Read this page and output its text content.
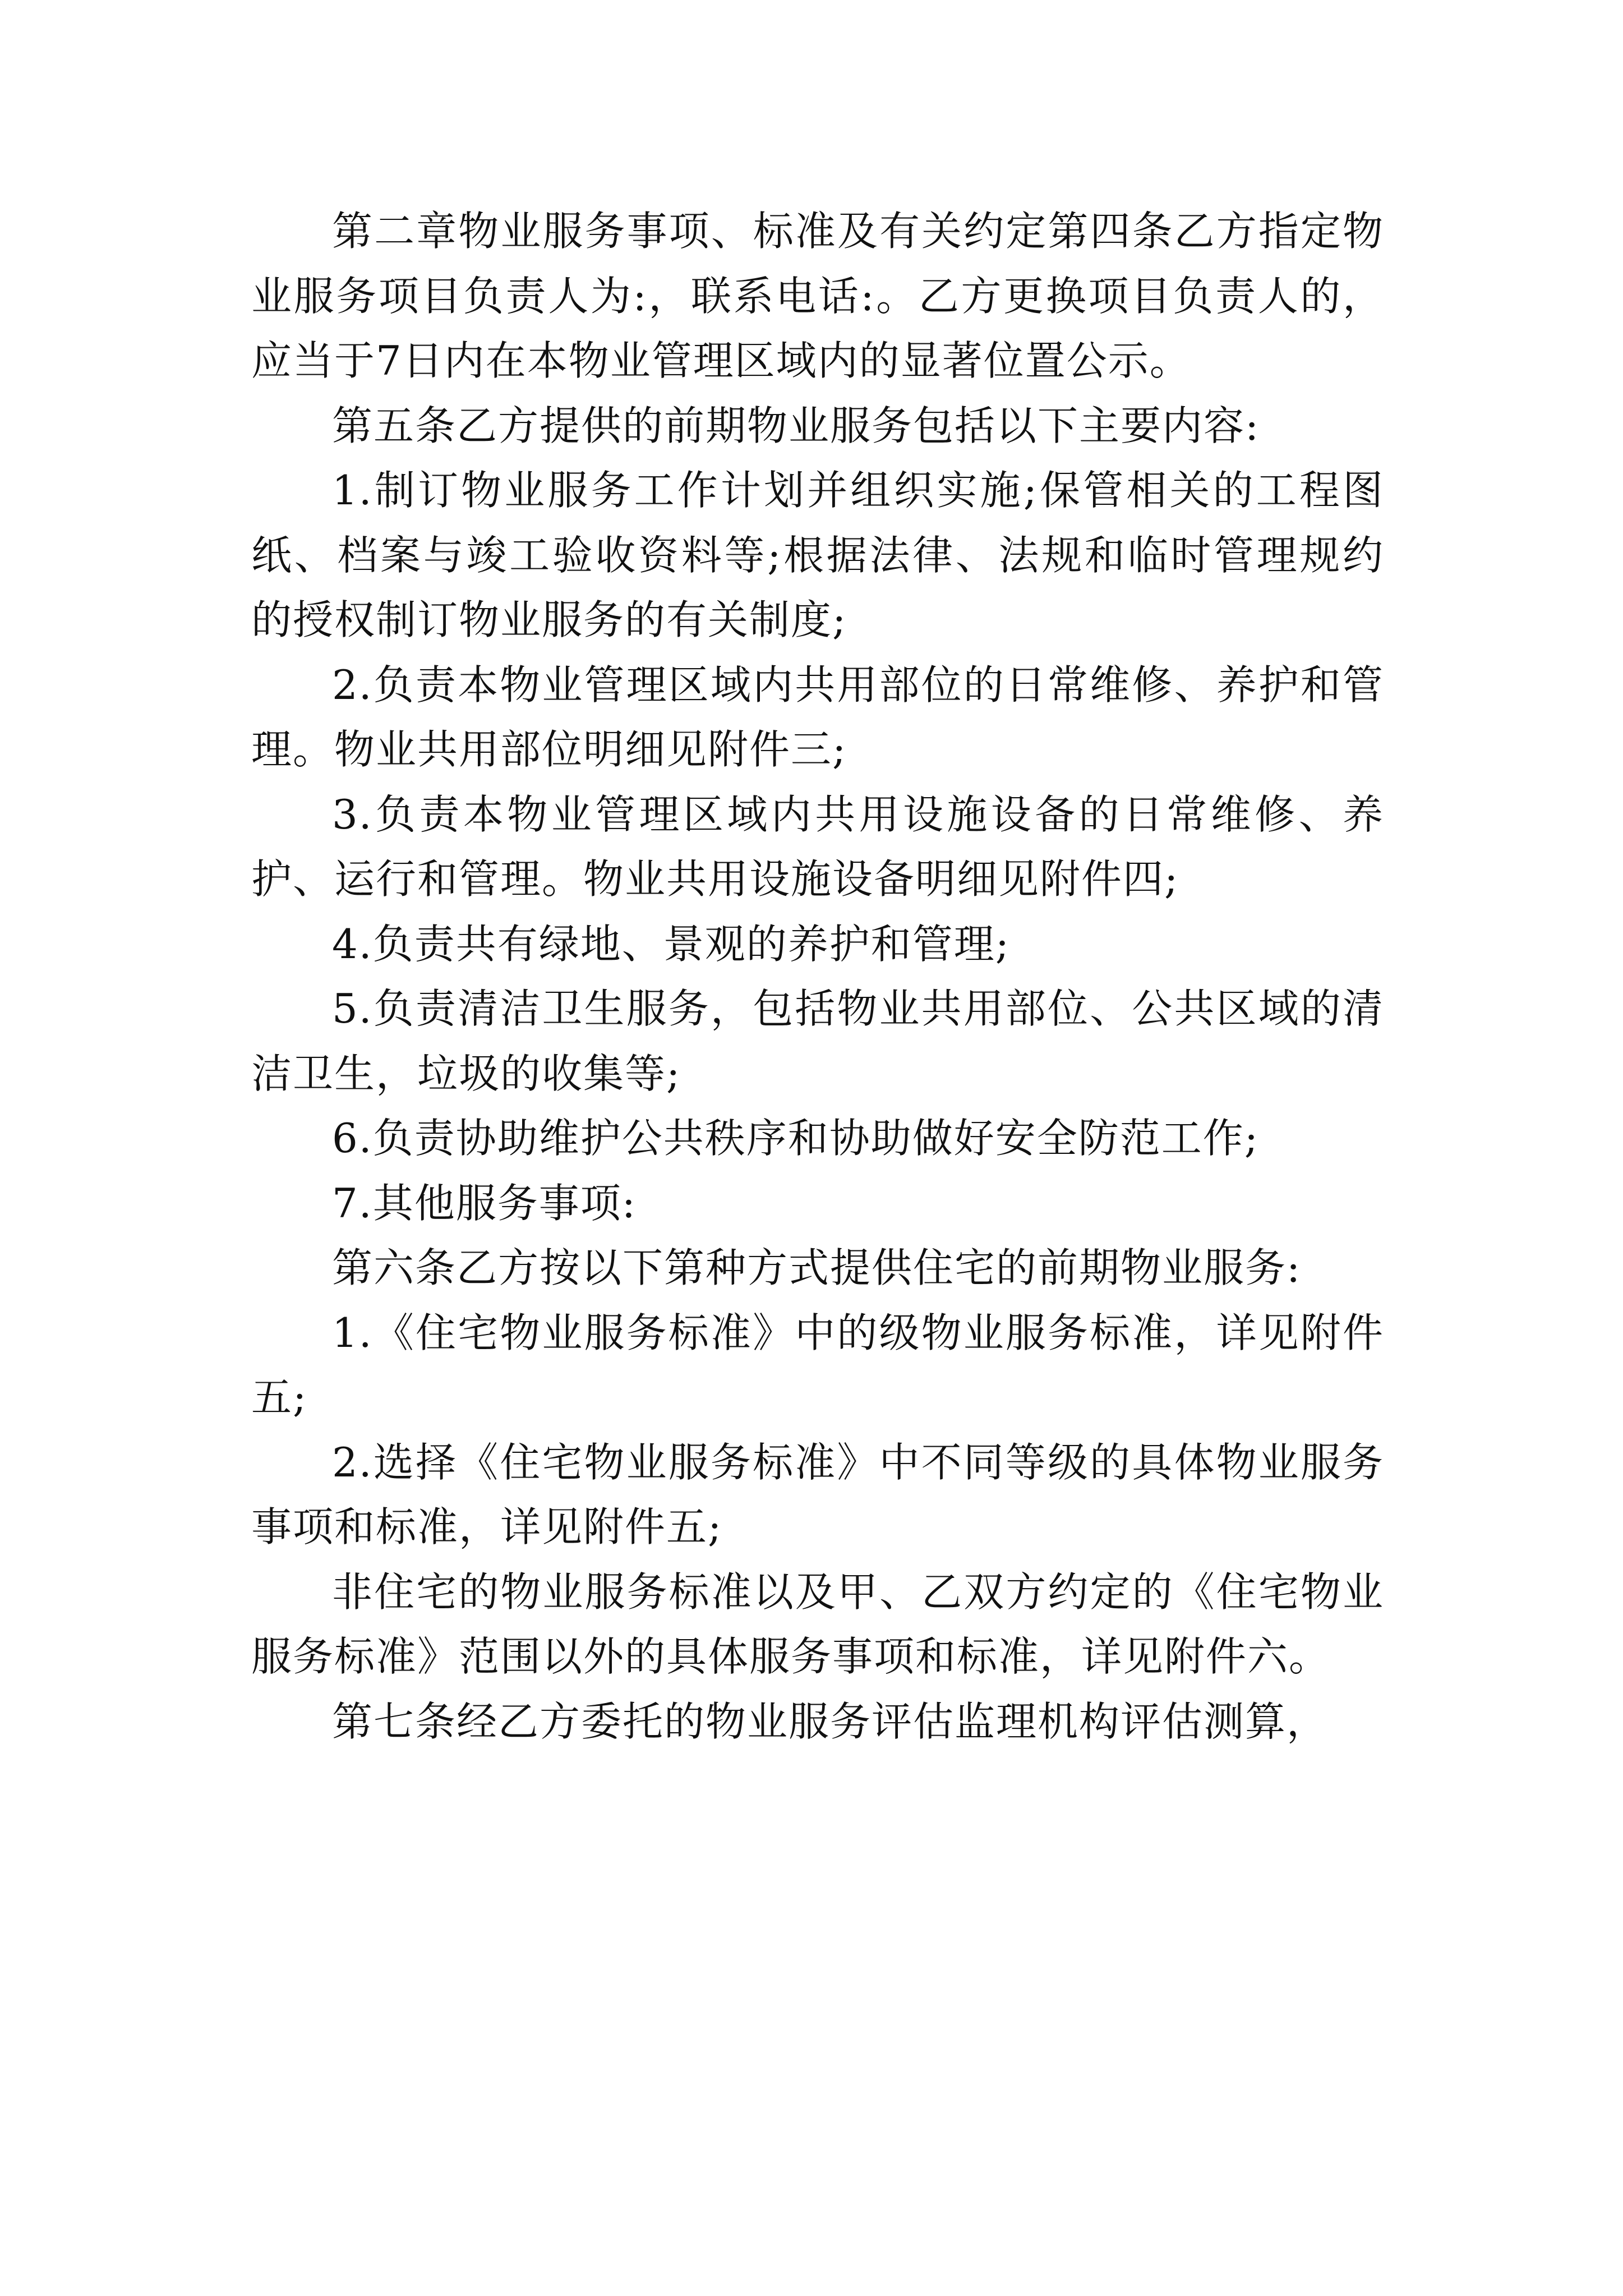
第二章物业服务事项、标准及有关约定第四条乙方指定物业服务项目负责人为:，联系电话:。乙方更换项目负责人的，应当于7日内在本物业管理区域内的显著位置公示。

第五条乙方提供的前期物业服务包括以下主要内容:

1.制订物业服务工作计划并组织实施;保管相关的工程图纸、档案与竣工验收资料等;根据法律、法规和临时管理规约的授权制订物业服务的有关制度;

2.负责本物业管理区域内共用部位的日常维修、养护和管理。物业共用部位明细见附件三;

3.负责本物业管理区域内共用设施设备的日常维修、养护、运行和管理。物业共用设施设备明细见附件四;

4.负责共有绿地、景观的养护和管理;

5.负责清洁卫生服务，包括物业共用部位、公共区域的清洁卫生，垃圾的收集等;

6.负责协助维护公共秩序和协助做好安全防范工作;

7.其他服务事项:

第六条乙方按以下第种方式提供住宅的前期物业服务:

1.《住宅物业服务标准》中的级物业服务标准，详见附件五;

2.选择《住宅物业服务标准》中不同等级的具体物业服务事项和标准，详见附件五;

非住宅的物业服务标准以及甲、乙双方约定的《住宅物业服务标准》范围以外的具体服务事项和标准，详见附件六。

第七条经乙方委托的物业服务评估监理机构评估测算，
